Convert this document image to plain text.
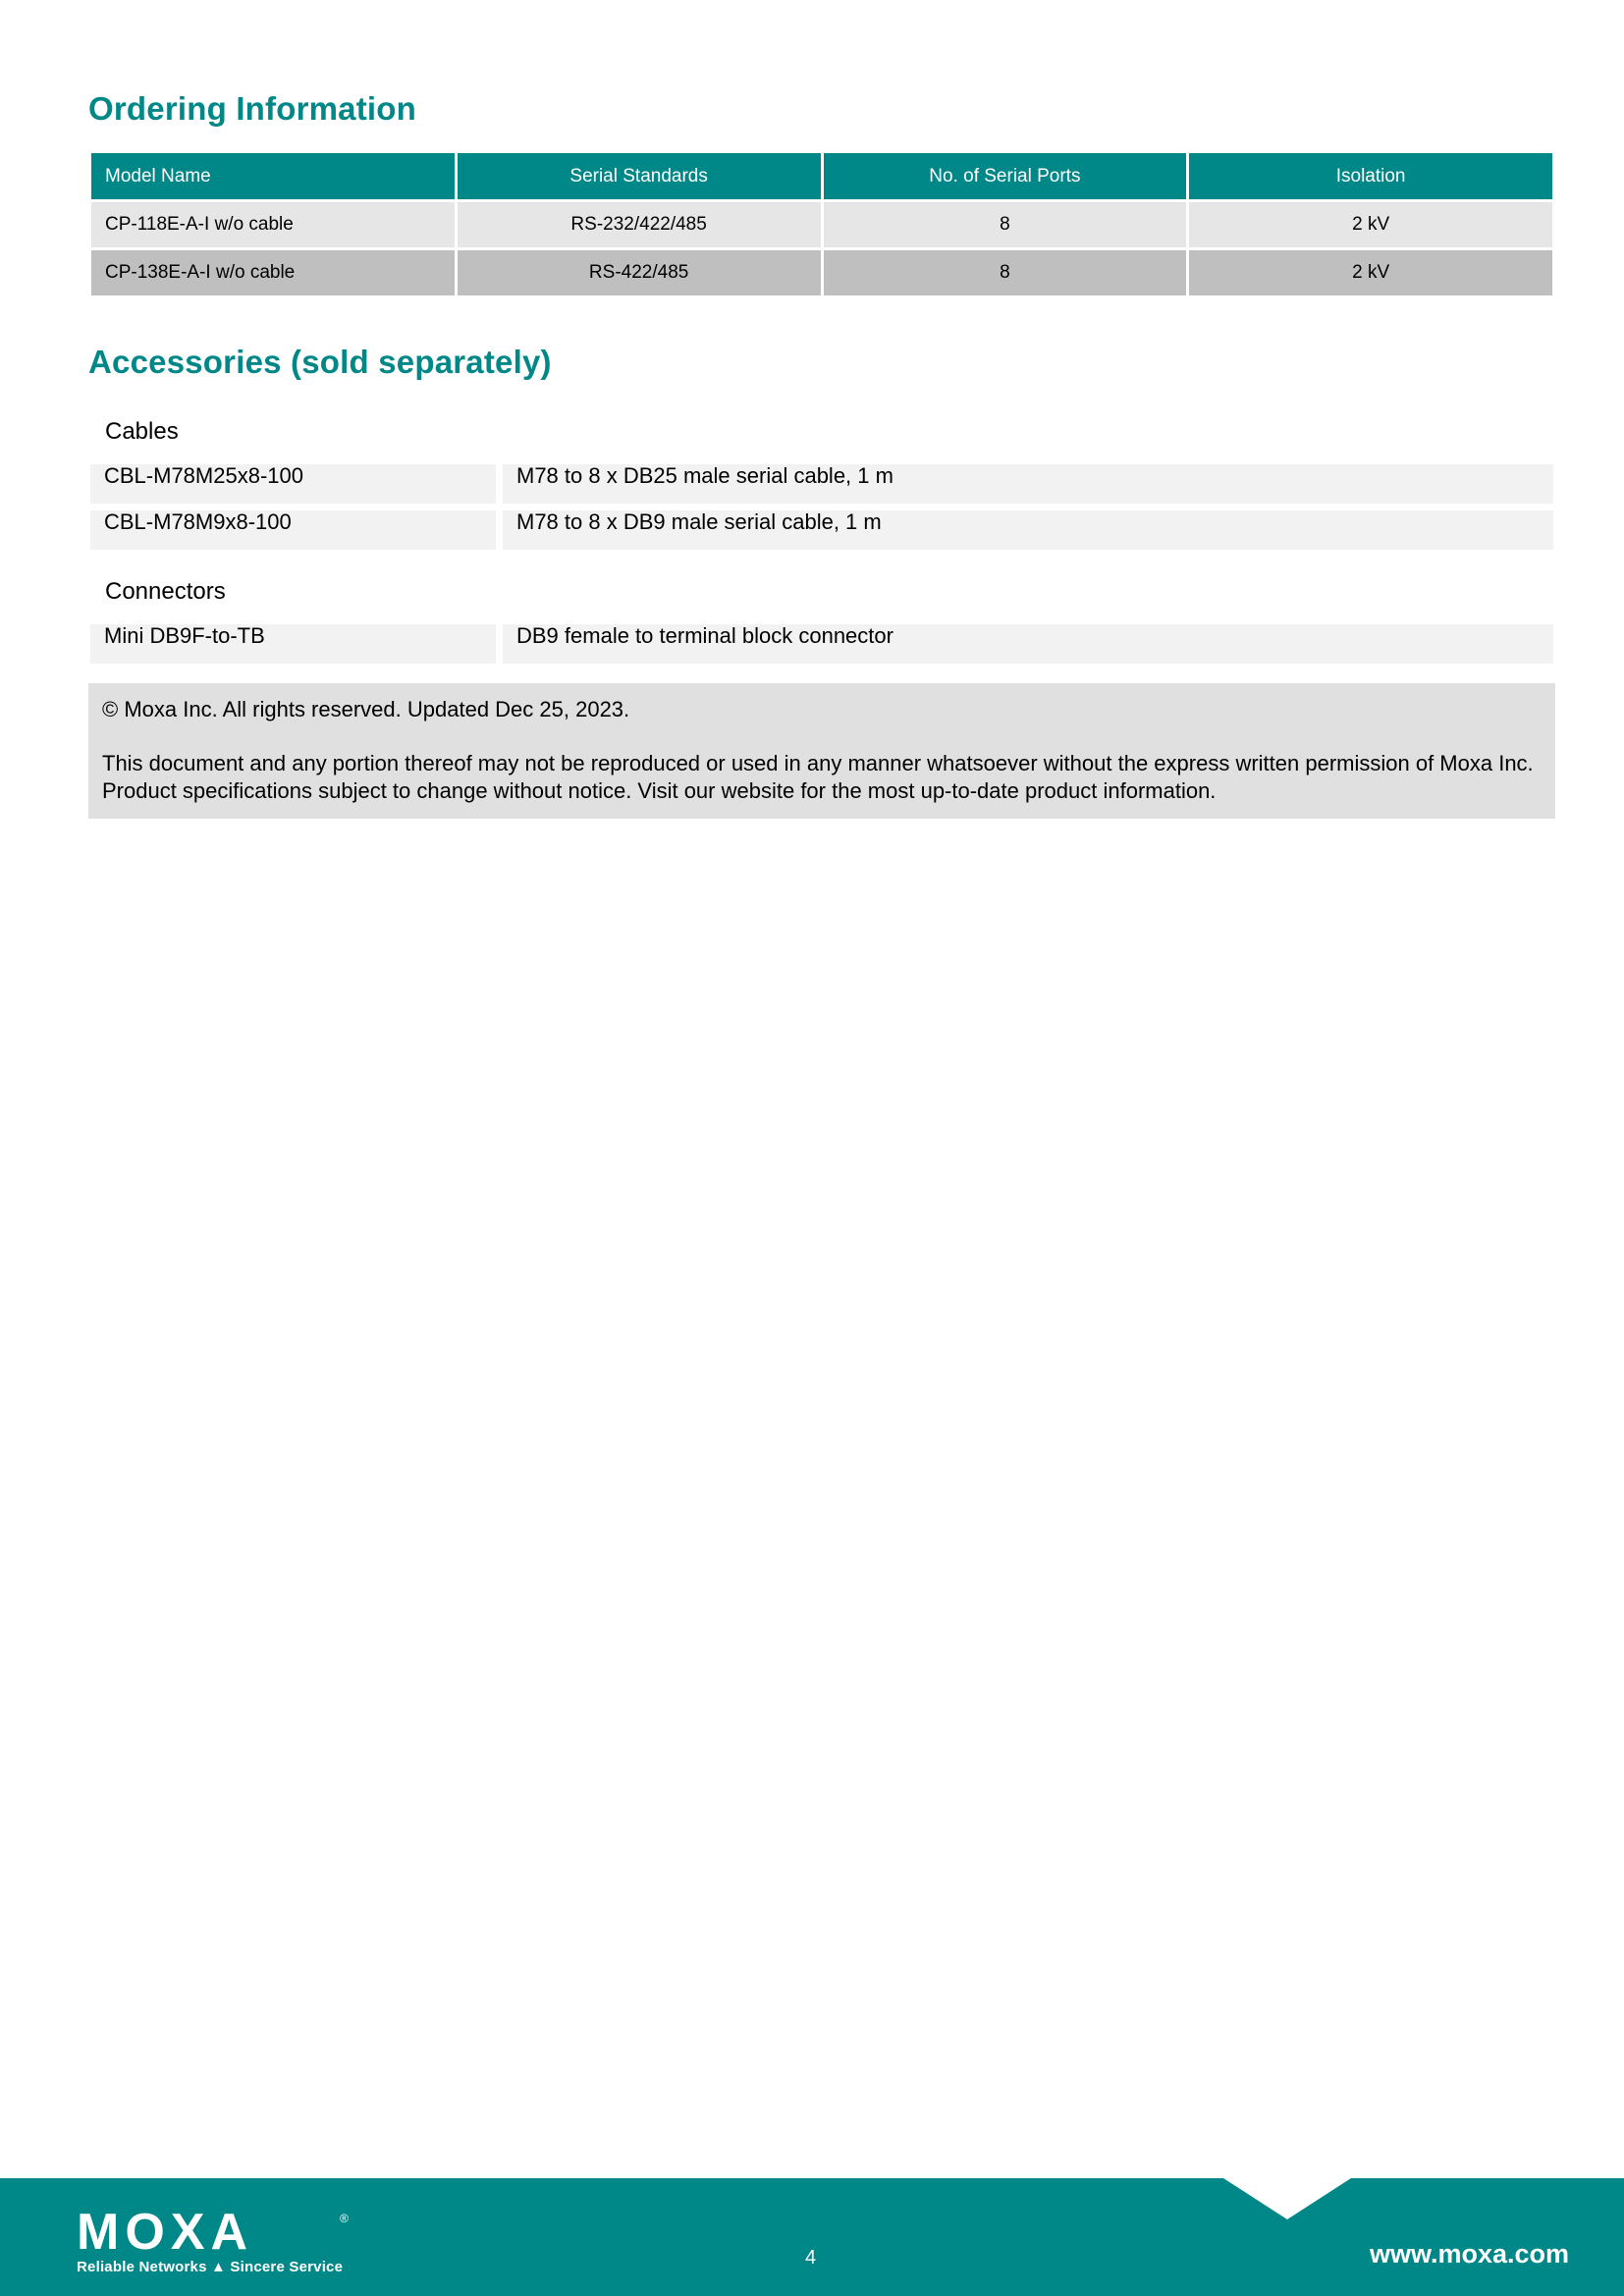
Ordering Information
Model Name	Serial Standards	No. of Serial Ports	Isolation
CP-118E-A-I w/o cable	RS-232/422/485	8	2 kV
CP-138E-A-I w/o cable	RS-422/485	8	2 kV
Accessories (sold separately)
Cables
CBL-M78M25x8-100	M78 to 8 x DB25 male serial cable, 1 m
CBL-M78M9x8-100	M78 to 8 x DB9 male serial cable, 1 m
Connectors
Mini DB9F-to-TB	DB9 female to terminal block connector

© Moxa Inc. All rights reserved. Updated Dec 25, 2023.

This document and any portion thereof may not be reproduced or used in any manner whatsoever without the express written permission of Moxa Inc. Product specifications subject to change without notice. Visit our website for the most up-to-date product information.

MOXA	®
Reliable Networks ▲ Sincere Service	4	www.moxa.com
